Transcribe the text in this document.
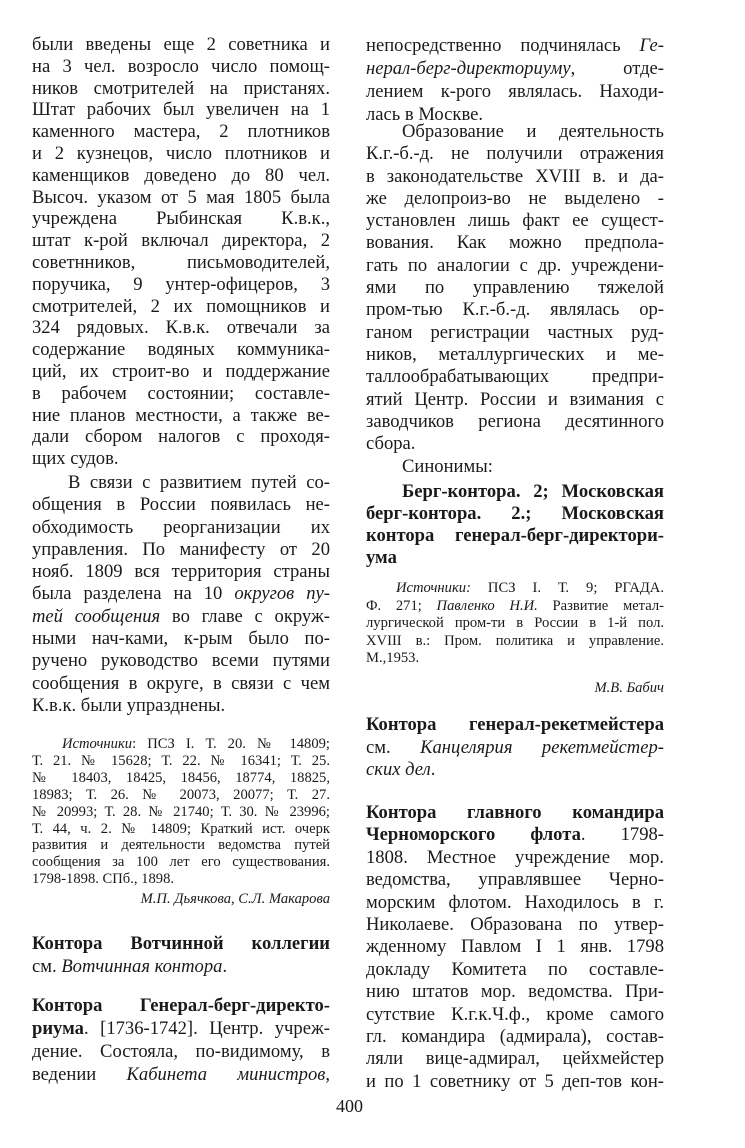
были введены еще 2 советника и
на 3 чел. возросло число помощ-
ников смотрителей на пристанях.
Штат рабочих был увеличен на 1
каменного мастера, 2 плотников
и 2 кузнецов, число плотников и
каменщиков доведено до 80 чел.
Высоч. указом от 5 мая 1805 была
учреждена Рыбинская К.в.к.,
штат к-рой включал директора, 2
советнников, письмоводителей,
поручика, 9 унтер-офицеров, 3
смотрителей, 2 их помощников и
324 рядовых. К.в.к. отвечали за
содержание водяных коммуника-
ций, их строит-во и поддержание
в рабочем состоянии; составле-
ние планов местности, а также ве-
дали сбором налогов с проходя-
щих судов.
В связи с развитием путей со-
общения в России появилась не-
обходимость реорганизации их
управления. По манифесту от 20
нояб. 1809 вся территория страны
была разделена на 10 округов пу-
тей сообщения во главе с окруж-
ными нач-ками, к-рым было по-
ручено руководство всеми путями
сообщения в округе, в связи с чем
К.в.к. были упразднены.
Источники: ПСЗ I. Т. 20. № 14809;
Т. 21. № 15628; Т. 22. № 16341; Т. 25.
№ 18403, 18425, 18456, 18774, 18825,
18983; Т. 26. № 20073, 20077; Т. 27.
№ 20993; Т. 28. № 21740; Т. 30. № 23996;
Т. 44, ч. 2. № 14809; Краткий ист. очерк
развития и деятельности ведомства путей
сообщения за 100 лет его существования.
1798-1898. СПб., 1898.
М.П. Дьячкова, С.Л. Макарова
Контора Вотчинной коллегии
см. Вотчинная контора.
Контора Генерал-берг-директо-
риума. [1736-1742]. Центр. учреж-
дение. Состояла, по-видимому, в
ведении Кабинета министров,
непосредственно подчинялась Ге-
нерал-берг-директориуму, отде-
лением к-рого являлась. Находи-
лась в Москве.
Образование и деятельность
К.г.-б.-д. не получили отражения
в законодательстве XVIII в. и да-
же делопроиз-во не выделено -
установлен лишь факт ее сущест-
вования. Как можно предпола-
гать по аналогии с др. учреждени-
ями по управлению тяжелой
пром-тью К.г.-б.-д. являлась ор-
ганом регистрации частных руд-
ников, металлургических и ме-
таллообрабатывающих предпри-
ятий Центр. России и взимания с
заводчиков региона десятинного
сбора.
Синонимы:
Берг-контора. 2; Московская
берг-контора. 2.; Московская
контора генерал-берг-директори-
ума
Источники: ПСЗ I. Т. 9; РГАДА.
Ф. 271; Павленко Н.И. Развитие метал-
лургической пром-ти в России в 1-й пол.
XVIII в.: Пром. политика и управление.
М.,1953.
М.В. Бабич
Контора генерал-рекетмейстера
см. Канцелярия рекетмейстер-
ских дел.
Контора главного командира
Черноморского флота. 1798-
1808. Местное учреждение мор.
ведомства, управлявшее Черно-
морским флотом. Находилось в г.
Николаеве. Образована по утвер-
жденному Павлом I 1 янв. 1798
докладу Комитета по составле-
нию штатов мор. ведомства. При-
сутствие К.г.к.Ч.ф., кроме самого
гл. командира (адмирала), состав-
ляли вице-адмирал, цейхмейстер
и по 1 советнику от 5 деп-тов кон-
400
